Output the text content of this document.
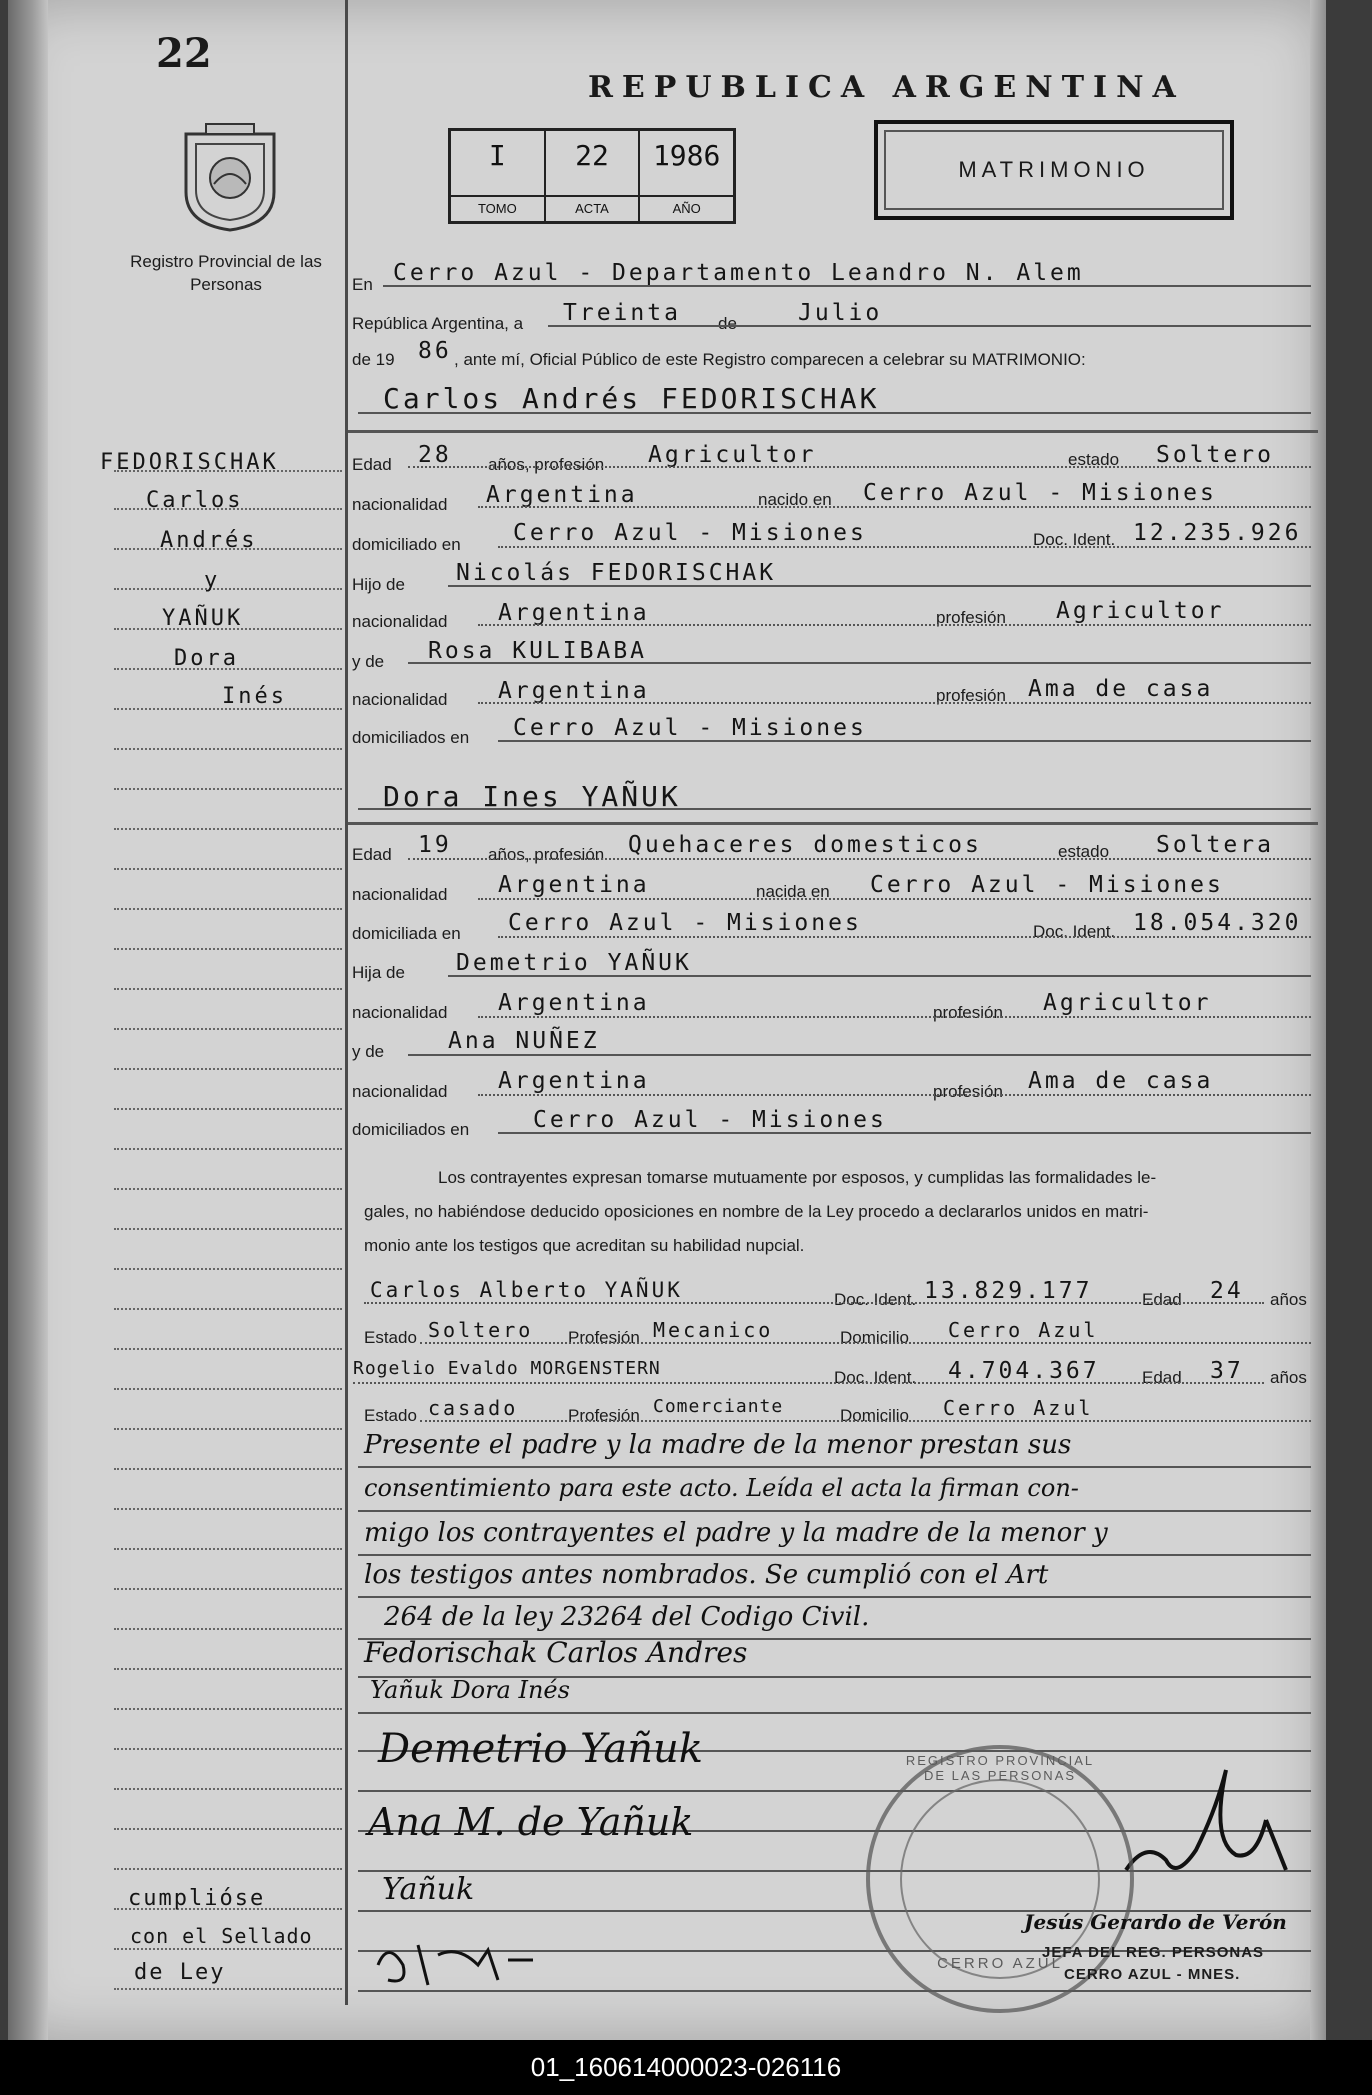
22
Registro Provincial de las Personas
REPUBLICA ARGENTINA
I
TOMO
22
ACTA
1986
AÑO
MATRIMONIO
En Cerro Azul - Departamento Leandro N. Alem
República Argentina, a Treinta de	Julio
de 19 86 , ante mí, Oficial Público de este Registro comparecen a celebrar su MATRIMONIO:
Carlos Andrés FEDORISCHAK
FEDORISCHAK
Carlos
Andrés
y
YAÑUK
Dora
Inés
Edad 28 años, profesión Agricultor	estado Soltero
nacionalidad Argentina	nacido en Cerro Azul - Misiones
domiciliado en Cerro Azul - Misiones	Doc. Ident. 12.235.926
Hijo de Nicolás FEDORISCHAK
nacionalidad Argentina	profesión Agricultor
y de Rosa KULIBABA
nacionalidad Argentina	profesión Ama de casa
domiciliados en Cerro Azul - Misiones
Dora Ines YAÑUK
Edad 19 años, profesión Quehaceres domesticos	estado Soltera
nacionalidad Argentina	nacida en Cerro Azul - Misiones
domiciliada en Cerro Azul - Misiones	Doc. Ident. 18.054.320
Hija de Demetrio YAÑUK
nacionalidad Argentina	profesión Agricultor
y de	Ana NUÑEZ
nacionalidad Argentina	profesión Ama de casa
domiciliados en	Cerro Azul - Misiones
Los contrayentes expresan tomarse mutuamente por esposos, y cumplidas las formalidades le-
gales, no habiéndose deducido oposiciones en nombre de la Ley procedo a declararlos unidos en matri-
monio ante los testigos que acreditan su habilidad nupcial.
Carlos Alberto YAÑUK	Doc. Ident. 13.829.177	Edad 24 años
Estado Soltero Profesión Mecanico	Domicilio Cerro Azul
Rogelio Evaldo MORGENSTERN	Doc. Ident. 4.704.367 Edad 37 años
Estado casado	Profesión Comerciante	Domicilio Cerro Azul
Presente el padre y la madre de la menor prestan sus
consentimiento para este acto. Leída el acta la firman con-
migo los contrayentes el padre y la madre de la menor y
los testigos antes nombrados. Se cumplió con el Art
264 de la ley 23264 del Codigo Civil.
Fedorischak Carlos Andres
Yañuk Dora Inés
Demetrio Yañuk
Ana M. de Yañuk
Yañuk
REGISTRO PROVINCIAL DE LAS PERSONAS
CERRO AZUL
Jesús Gerardo de Verón
JEFA DEL REG. PERSONAS
CERRO AZUL - MNES.
cumplióse
con el Sellado
de Ley
01_160614000023-026116
